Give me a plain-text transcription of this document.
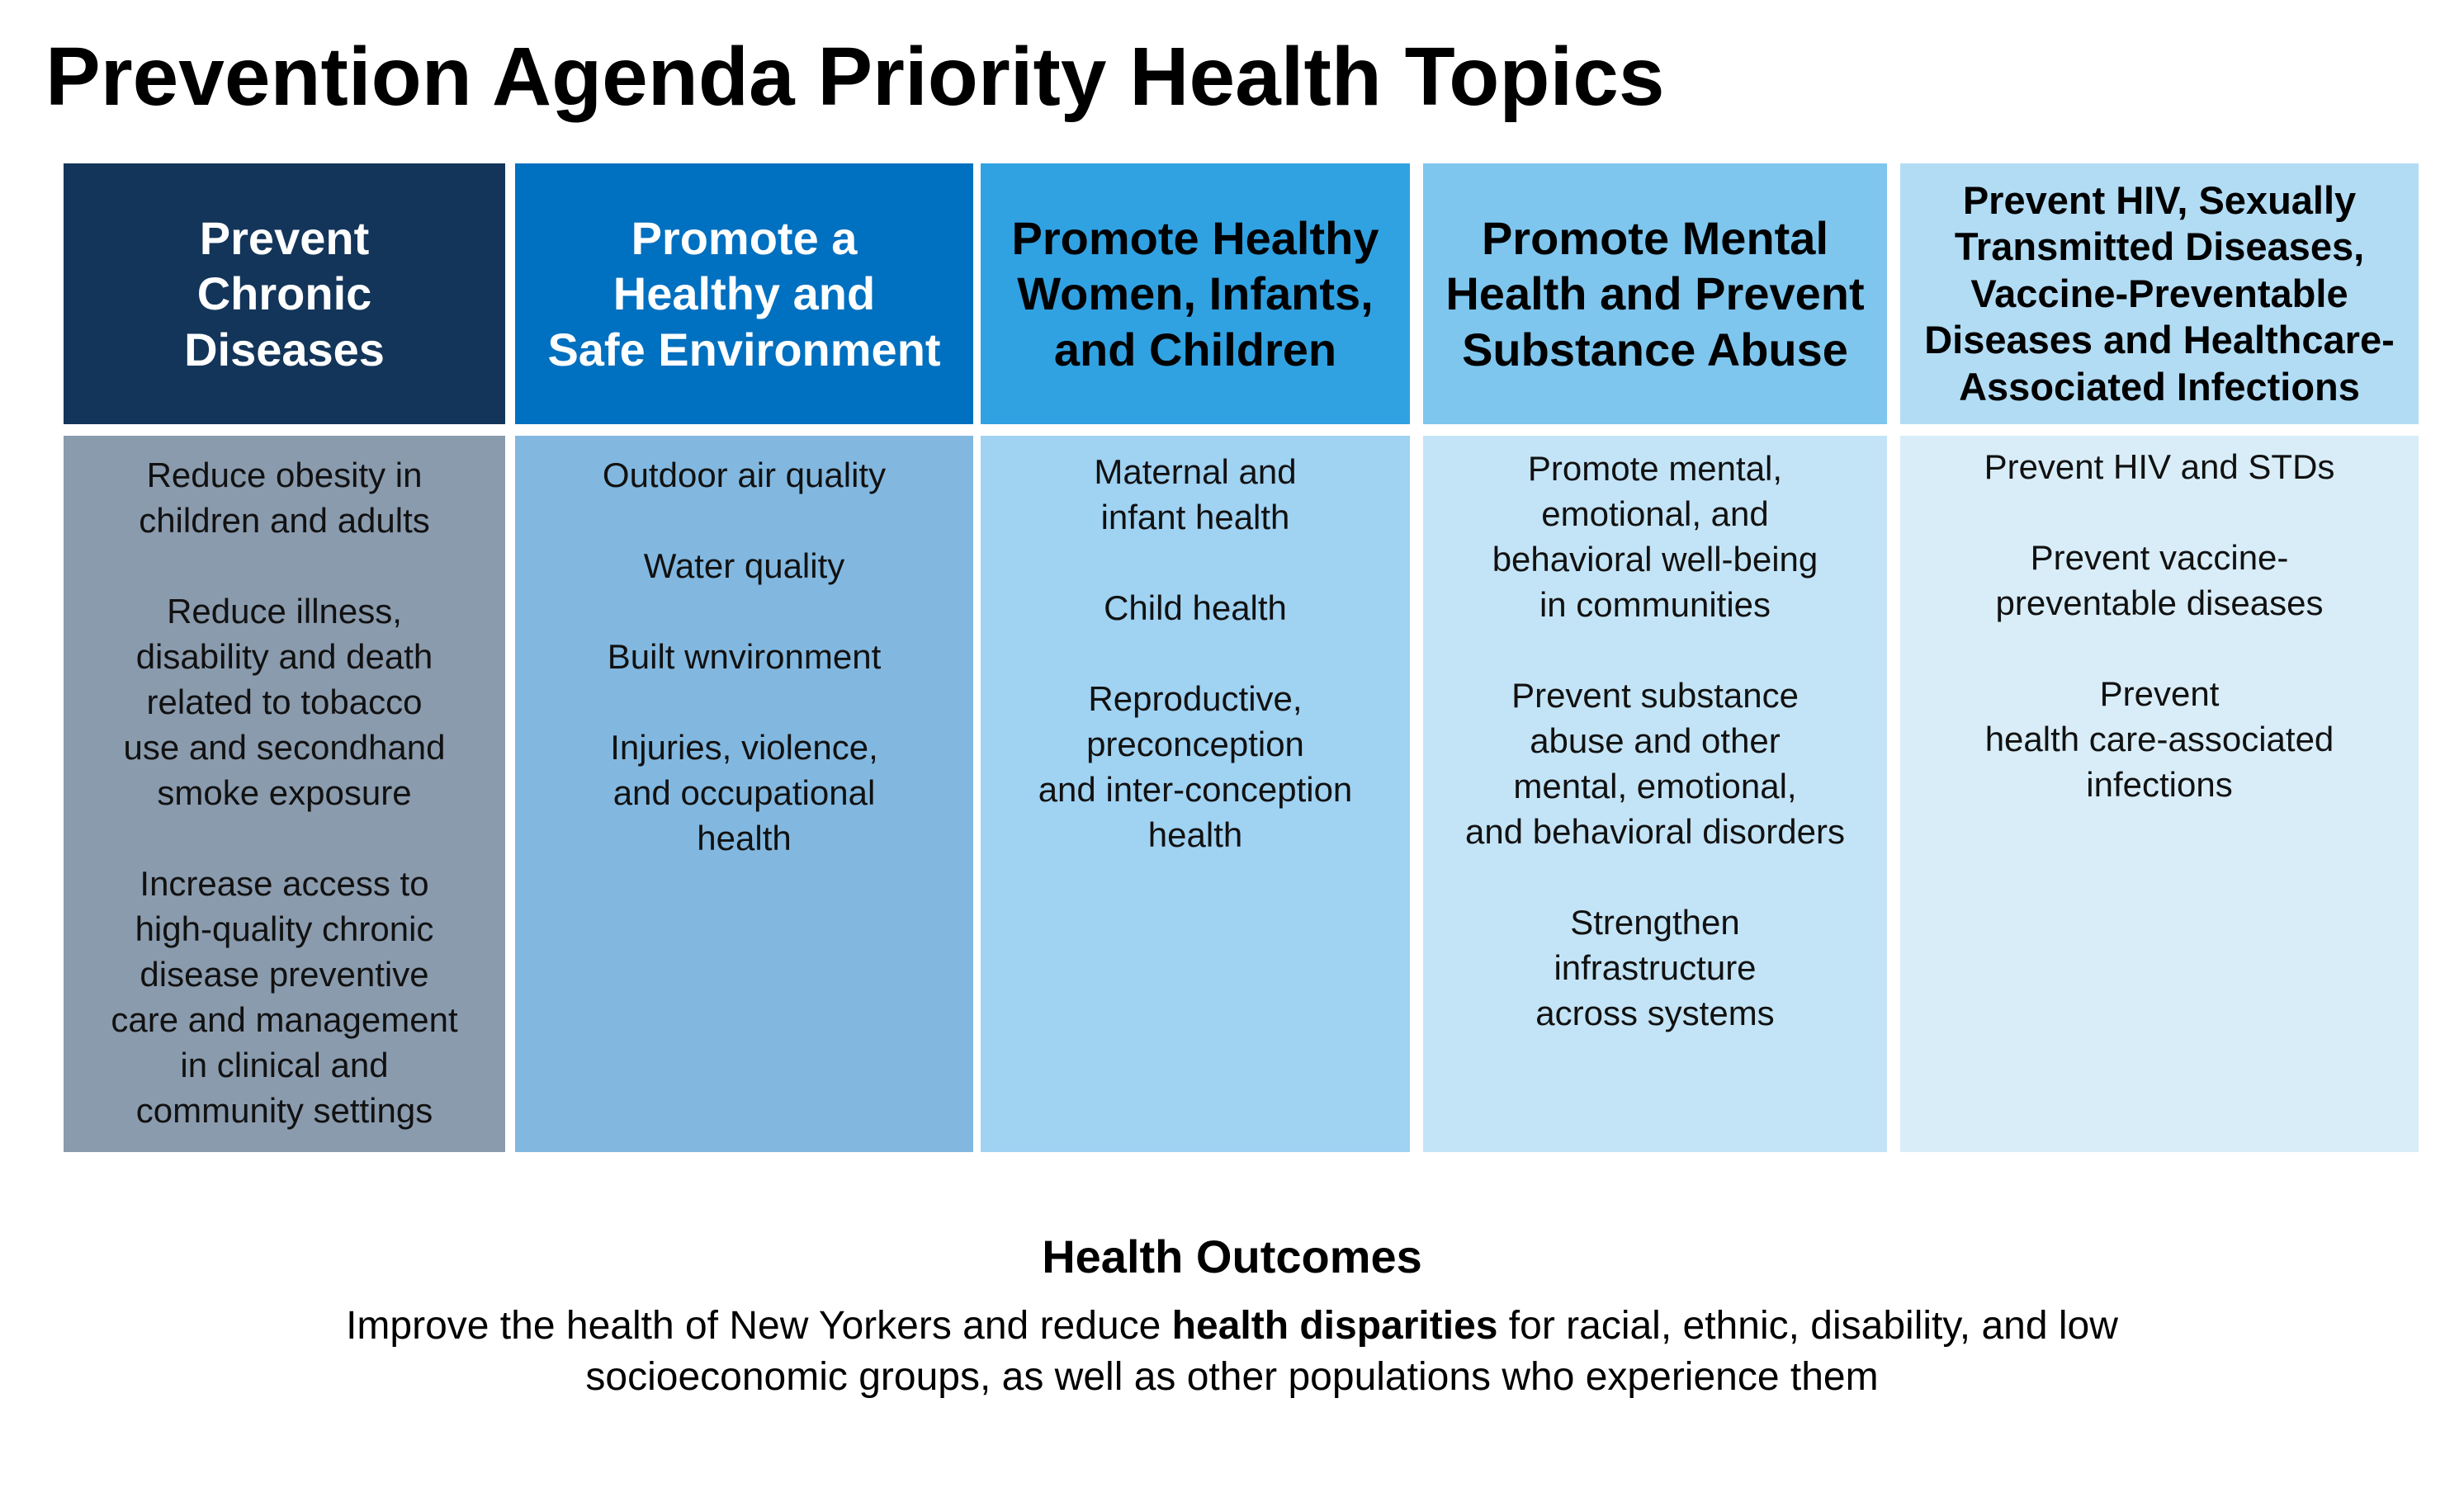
Prevention Agenda Priority Health Topics
Prevent
Chronic
Diseases
Promote a
Healthy and
Safe Environment
Promote Healthy
Women, Infants,
and Children
Promote Mental
Health and Prevent
Substance Abuse
Prevent HIV, Sexually
Transmitted Diseases,
Vaccine-Preventable
Diseases and Healthcare-
Associated Infections
Reduce obesity in
children and adults
Reduce illness,
disability and death
related to tobacco
use and secondhand
smoke exposure
Increase access to
high-quality chronic
disease preventive
care and management
in clinical and
community settings
Outdoor air quality
Water quality
Built wnvironment
Injuries, violence,
and occupational
health
Maternal and
infant health
Child health
Reproductive,
preconception
and inter-conception
health
Promote mental,
emotional, and
behavioral well-being
in communities
Prevent substance
abuse and other
mental, emotional,
and behavioral disorders
Strengthen
infrastructure
across systems
Prevent HIV and STDs
Prevent vaccine-
preventable diseases
Prevent
health care-associated
infections
Health Outcomes
Improve the health of New Yorkers and reduce health disparities for racial, ethnic, disability, and low
socioeconomic groups, as well as other populations who experience them
